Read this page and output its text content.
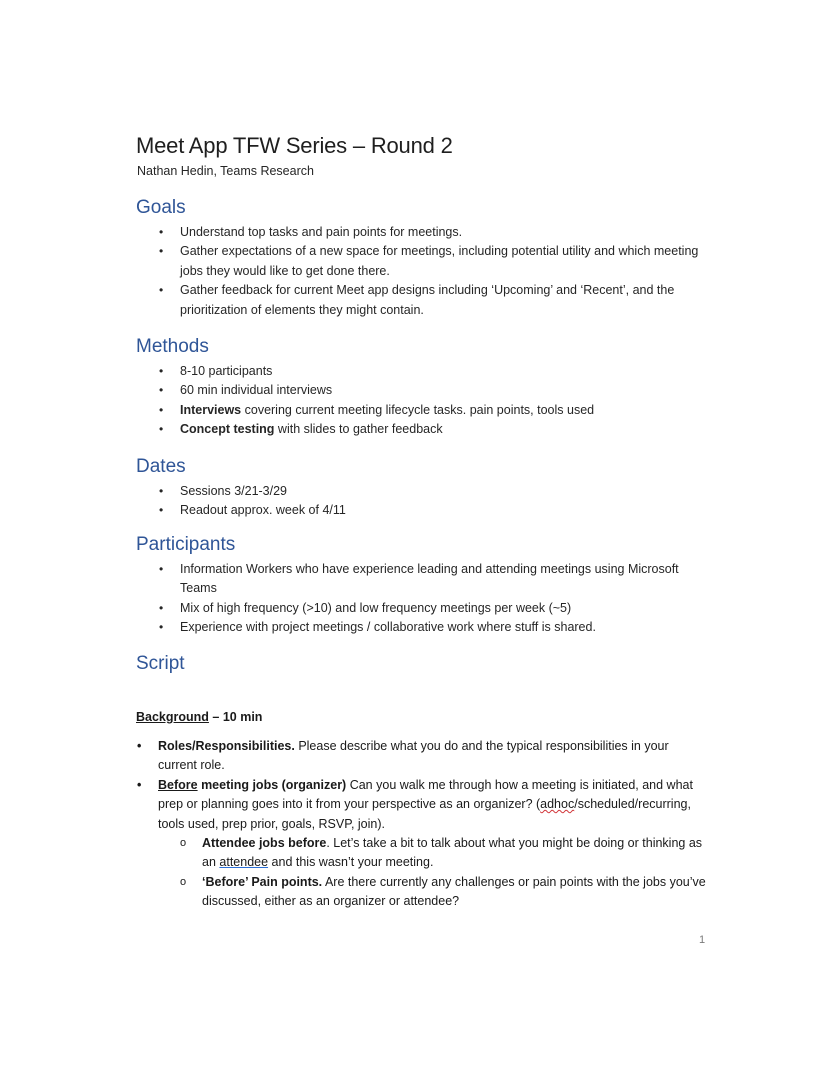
Meet App TFW Series – Round 2
Nathan Hedin, Teams Research
Goals
• Understand top tasks and pain points for meetings.
• Gather expectations of a new space for meetings, including potential utility and which meeting jobs they would like to get done there.
• Gather feedback for current Meet app designs including ‘Upcoming’ and ‘Recent’, and the prioritization of elements they might contain.
Methods
• 8-10 participants
• 60 min individual interviews
• Interviews covering current meeting lifecycle tasks. pain points, tools used
• Concept testing with slides to gather feedback
Dates
• Sessions 3/21-3/29
• Readout approx. week of 4/11
Participants
• Information Workers who have experience leading and attending meetings using Microsoft Teams
• Mix of high frequency (>10) and low frequency meetings per week (~5)
• Experience with project meetings / collaborative work where stuff is shared.
Script
Background – 10 min
• Roles/Responsibilities. Please describe what you do and the typical responsibilities in your current role.
• Before meeting jobs (organizer) Can you walk me through how a meeting is initiated, and what prep or planning goes into it from your perspective as an organizer? (adhoc/scheduled/recurring, tools used, prep prior, goals, RSVP, join).
o Attendee jobs before. Let’s take a bit to talk about what you might be doing or thinking as an attendee and this wasn’t your meeting.
o ‘Before’ Pain points. Are there currently any challenges or pain points with the jobs you’ve discussed, either as an organizer or attendee?
1
